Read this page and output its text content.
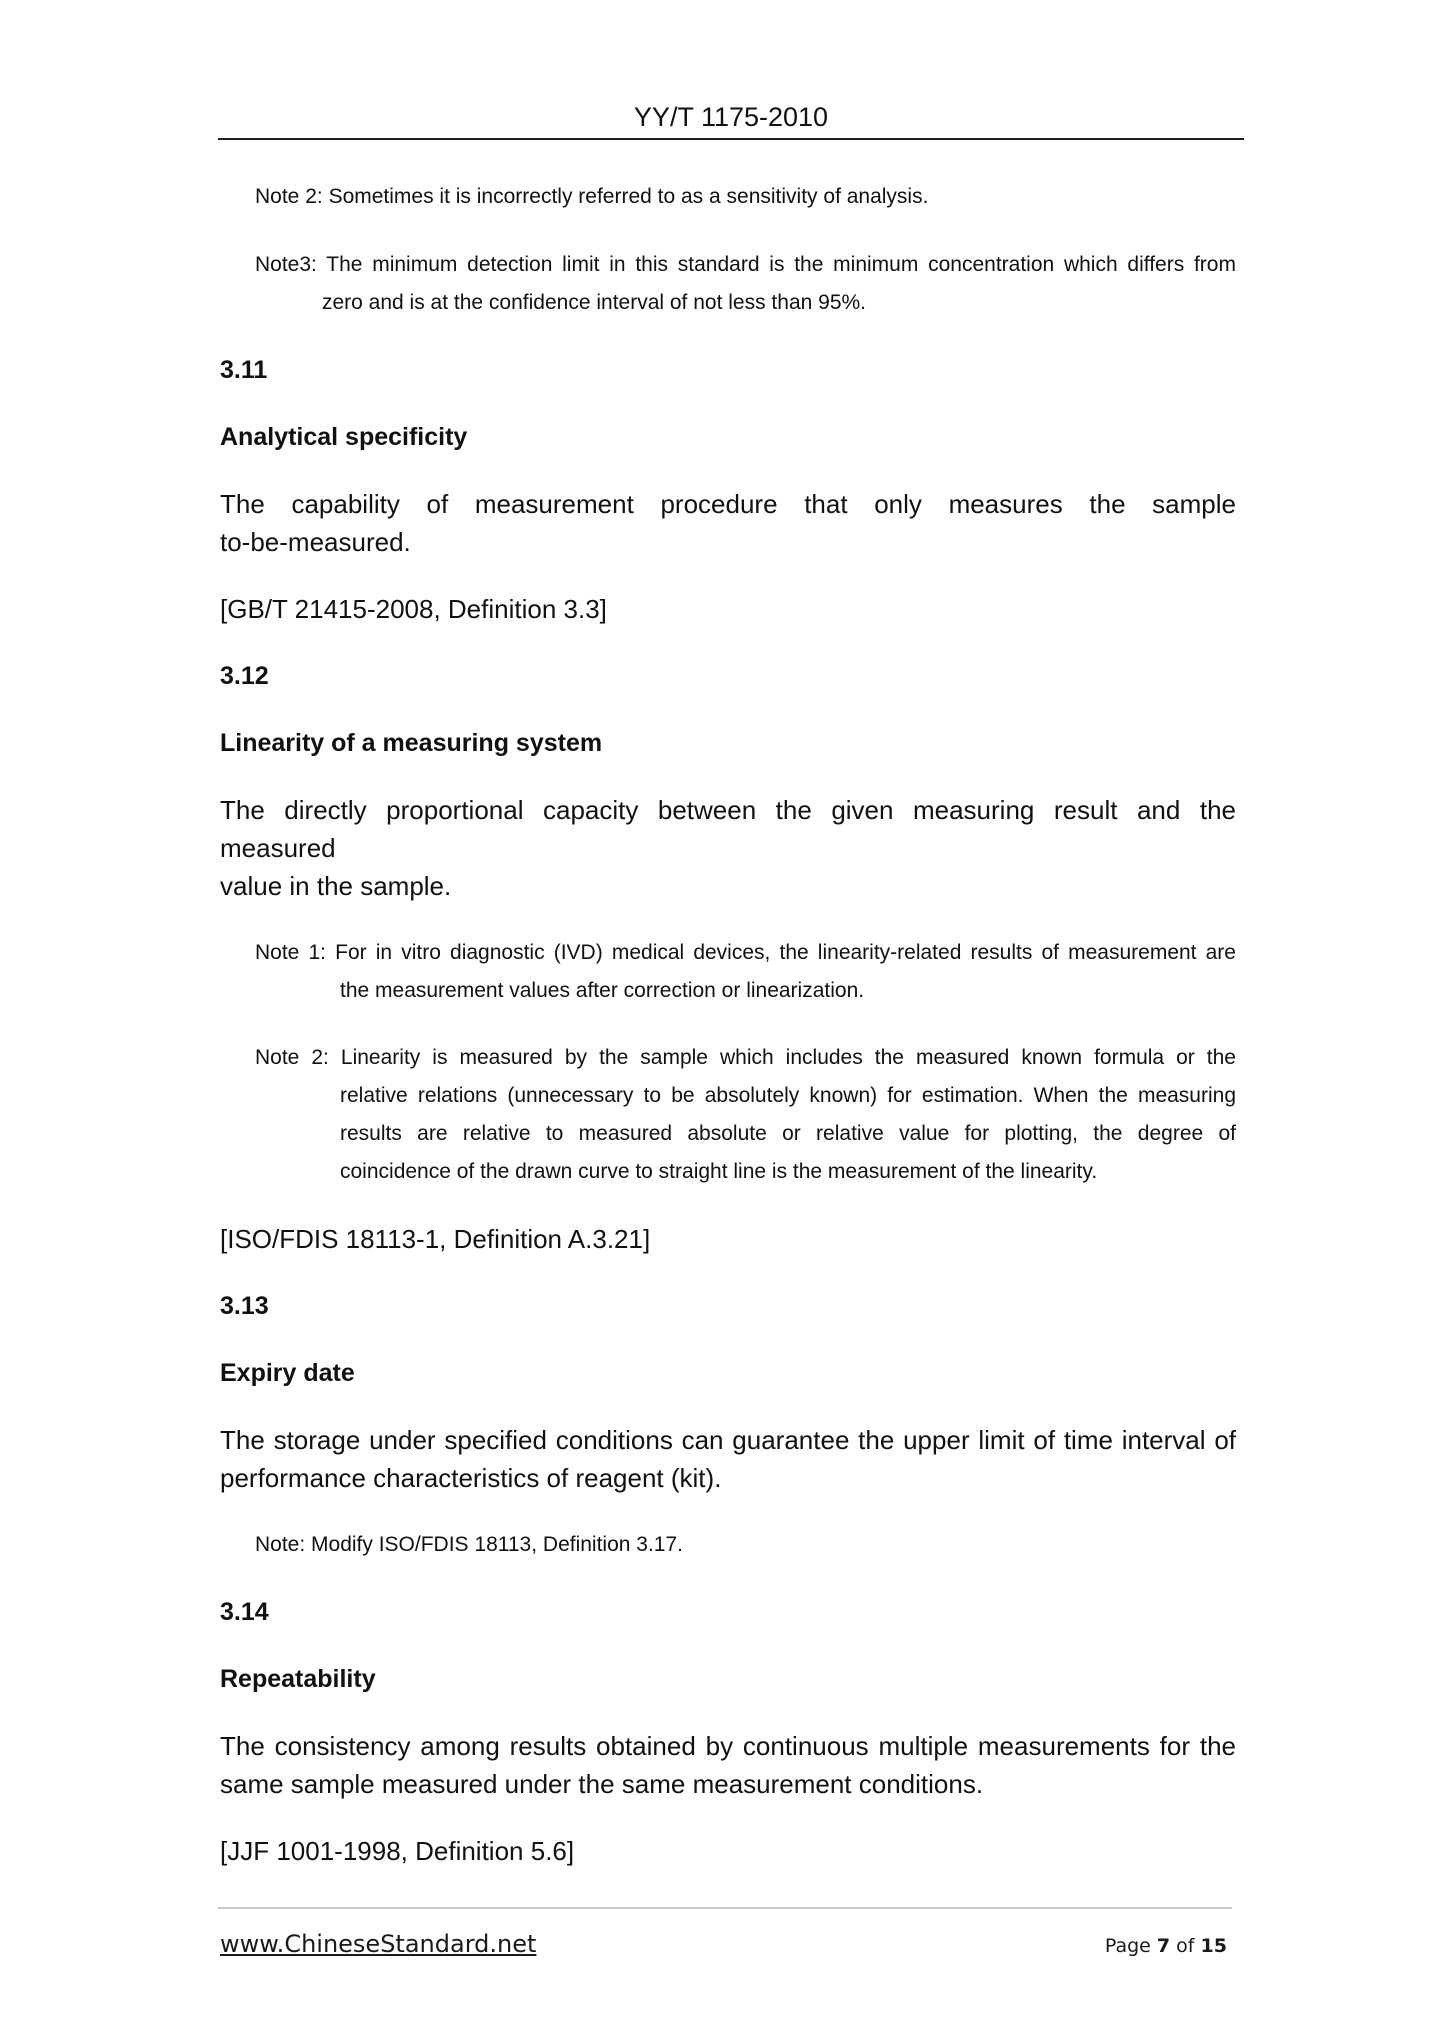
YY/T 1175-2010
Note 2: Sometimes it is incorrectly referred to as a sensitivity of analysis.
Note3: The minimum detection limit in this standard is the minimum concentration which differs from
zero and is at the confidence interval of not less than 95%.
3.11
Analytical specificity
The capability of measurement procedure that only measures the sample
to-be-measured.
[GB/T 21415-2008, Definition 3.3]
3.12
Linearity of a measuring system
The directly proportional capacity between the given measuring result and the measured
value in the sample.
Note 1: For in vitro diagnostic (IVD) medical devices, the linearity-related results of measurement are
the measurement values after correction or linearization.
Note 2: Linearity is measured by the sample which includes the measured known formula or the
relative relations (unnecessary to be absolutely known) for estimation. When the measuring
results are relative to measured absolute or relative value for plotting, the degree of
coincidence of the drawn curve to straight line is the measurement of the linearity.
[ISO/FDIS 18113-1, Definition A.3.21]
3.13
Expiry date
The storage under specified conditions can guarantee the upper limit of time interval of
performance characteristics of reagent (kit).
Note: Modify ISO/FDIS 18113, Definition 3.17.
3.14
Repeatability
The consistency among results obtained by continuous multiple measurements for the
same sample measured under the same measurement conditions.
[JJF 1001-1998, Definition 5.6]
www.ChineseStandard.net	Page 7 of 15
